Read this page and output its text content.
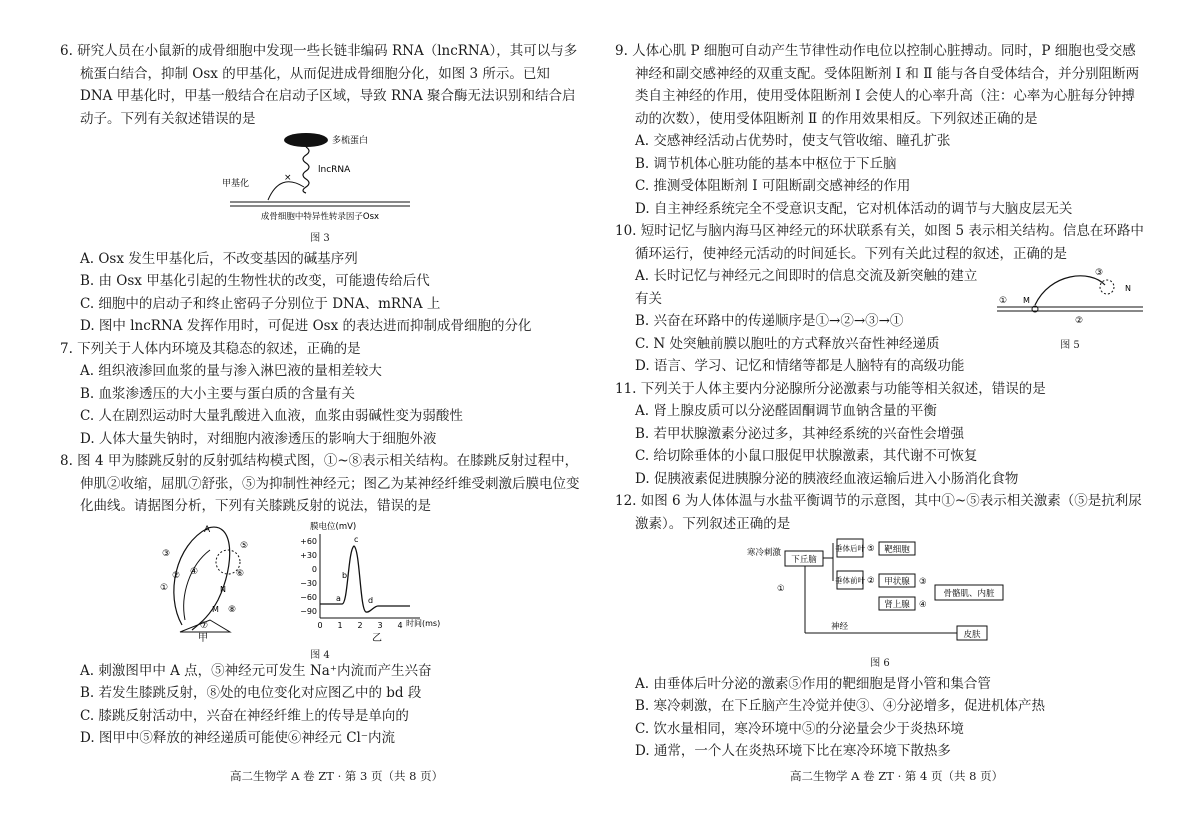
6. 研究人员在小鼠新的成骨细胞中发现一些长链非编码 RNA（lncRNA），其可以与多梳蛋白结合，抑制 Osx 的甲基化，从而促进成骨细胞分化，如图 3 所示。已知 DNA 甲基化时，甲基一般结合在启动子区域，导致 RNA 聚合酶无法识别和结合启动子。下列有关叙述错误的是

多梳蛋白
lncRNA
×
甲基化
成骨细胞中特异性转录因子Osx
图 3

A. Osx 发生甲基化后，不改变基因的碱基序列

B. 由 Osx 甲基化引起的生物性状的改变，可能遗传给后代

C. 细胞中的启动子和终止密码子分别位于 DNA、mRNA 上

D. 图中 lncRNA 发挥作用时，可促进 Osx 的表达进而抑制成骨细胞的分化

7. 下列关于人体内环境及其稳态的叙述，正确的是

A. 组织液渗回血浆的量与渗入淋巴液的量相差较大

B. 血浆渗透压的大小主要与蛋白质的含量有关

C. 人在剧烈运动时大量乳酸进入血液，血浆由弱碱性变为弱酸性

D. 人体大量失钠时，对细胞内液渗透压的影响大于细胞外液

8. 图 4 甲为膝跳反射的反射弧结构模式图，①~⑧表示相关结构。在膝跳反射过程中，伸肌②收缩，屈肌⑦舒张，⑤为抑制性神经元；图乙为某神经纤维受刺激后膜电位变化曲线。请据图分析，下列有关膝跳反射的说法，错误的是

A
N
M
①
②
③
④
⑤
⑥
⑦
⑧
甲
膜电位(mV)
+60
+30
0
−30
−60
−90
0 1 2 3 4 时间(ms)
a
b
c
d
乙
图 4

A. 刺激图甲中 A 点，⑤神经元可发生 Na⁺内流而产生兴奋

B. 若发生膝跳反射，⑧处的电位变化对应图乙中的 bd 段

C. 膝跳反射活动中，兴奋在神经纤维上的传导是单向的

D. 图甲中⑤释放的神经递质可能使⑥神经元 Cl⁻内流

9. 人体心肌 P 细胞可自动产生节律性动作电位以控制心脏搏动。同时，P 细胞也受交感神经和副交感神经的双重支配。受体阻断剂 Ⅰ 和 Ⅱ 能与各自受体结合，并分别阻断两类自主神经的作用，使用受体阻断剂 Ⅰ 会使人的心率升高（注：心率为心脏每分钟搏动的次数），使用受体阻断剂 Ⅱ 的作用效果相反。下列叙述正确的是

A. 交感神经活动占优势时，使支气管收缩、瞳孔扩张

B. 调节机体心脏功能的基本中枢位于下丘脑

C. 推测受体阻断剂 Ⅰ 可阻断副交感神经的作用

D. 自主神经系统完全不受意识支配，它对机体活动的调节与大脑皮层无关

10. 短时记忆与脑内海马区神经元的环状联系有关，如图 5 表示相关结构。信息在环路中循环运行，使神经元活动的时间延长。下列有关此过程的叙述，正确的是

①
②
③
M
N
图 5

A. 长时记忆与神经元之间即时的信息交流及新突触的建立有关

B. 兴奋在环路中的传递顺序是①→②→③→①

C. N 处突触前膜以胞吐的方式释放兴奋性神经递质

D. 语言、学习、记忆和情绪等都是人脑特有的高级功能

11. 下列关于人体主要内分泌腺所分泌激素与功能等相关叙述，错误的是

A. 肾上腺皮质可以分泌醛固酮调节血钠含量的平衡

B. 若甲状腺激素分泌过多，其神经系统的兴奋性会增强

C. 给切除垂体的小鼠口服促甲状腺激素，其代谢不可恢复

D. 促胰液素促进胰腺分泌的胰液经血液运输后进入小肠消化食物

12. 如图 6 为人体体温与水盐平衡调节的示意图，其中①~⑤表示相关激素（⑤是抗利尿激素）。下列叙述正确的是

寒冷刺激
下丘脑
垂体后叶 ⑤ 靶细胞
垂体前叶 ② 甲状腺 ③
肾上腺 ④
骨骼肌、内脏
①
神经
皮肤
图 6

A. 由垂体后叶分泌的激素⑤作用的靶细胞是肾小管和集合管

B. 寒冷刺激，在下丘脑产生冷觉并使③、④分泌增多，促进机体产热

C. 饮水量相同，寒冷环境中⑤的分泌量会少于炎热环境

D. 通常，一个人在炎热环境下比在寒冷环境下散热多

高二生物学 A 卷 ZT · 第 3 页（共 8 页）	高二生物学 A 卷 ZT · 第 4 页（共 8 页）
